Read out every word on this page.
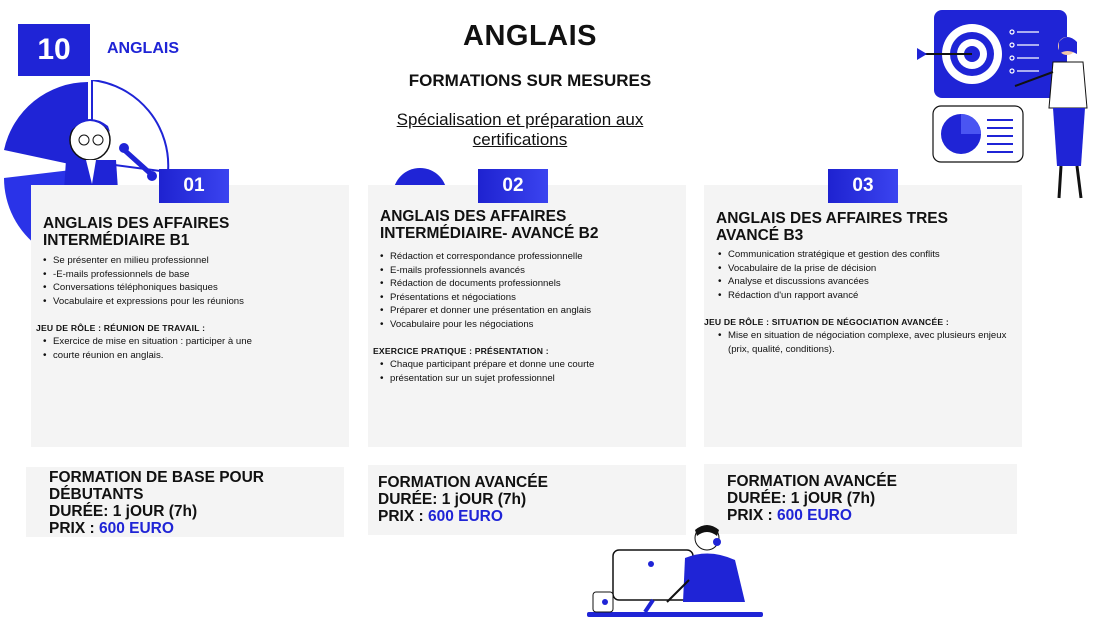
10	ANGLAIS	ANGLAIS
FORMATIONS SUR MESURES
Spécialisation et préparation aux certifications
01
ANGLAIS DES AFFAIRES INTERMÉDIAIRE B1
• Se présenter en milieu professionnel
• -E-mails professionnels de base
• Conversations téléphoniques basiques
• Vocabulaire et expressions pour les réunions
JEU DE RÔLE : RÉUNION DE TRAVAIL :
• Exercice de mise en situation : participer à une
• courte réunion en anglais.
02
ANGLAIS DES AFFAIRES INTERMÉDIAIRE- AVANCÉ B2
• Rédaction et correspondance professionnelle
• E-mails professionnels avancés
• Rédaction de documents professionnels
• Présentations et négociations
• Préparer et donner une présentation en anglais
• Vocabulaire pour les négociations
EXERCICE PRATIQUE : PRÉSENTATION :
• Chaque participant prépare et donne une courte
• présentation sur un sujet professionnel
03
ANGLAIS DES AFFAIRES TRES AVANCÉ B3
• Communication stratégique et gestion des conflits
• Vocabulaire de la prise de décision
• Analyse et discussions avancées
• Rédaction d'un rapport avancé
JEU DE RÔLE : SITUATION DE NÉGOCIATION AVANCÉE :
• Mise en situation de négociation complexe, avec plusieurs enjeux (prix, qualité, conditions).
FORMATION DE BASE POUR DÉBUTANTS
DURÉE: 1 jOUR (7h)
PRIX : 600 EURO
FORMATION AVANCÉE
DURÉE: 1 jOUR (7h)
PRIX : 600 EURO
FORMATION AVANCÉE
DURÉE: 1 jOUR (7h)
PRIX : 600 EURO
